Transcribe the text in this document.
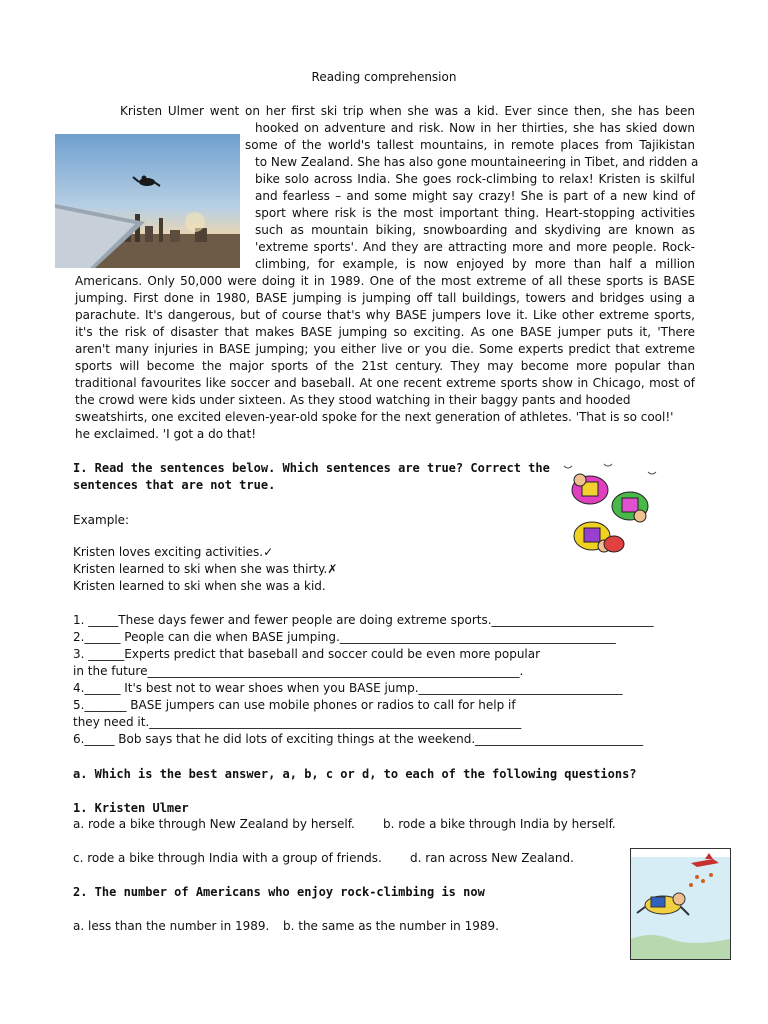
Reading comprehension
Kristen Ulmer went on her first ski trip when she was a kid. Ever since then, she has been
hooked on adventure and risk. Now in her thirties, she has skied down
some of the world's tallest mountains, in remote places from Tajikistan
to New Zealand. She has also gone mountaineering in Tibet, and ridden a
bike solo across India. She goes rock-climbing to relax! Kristen is skilful
and fearless – and some might say crazy! She is part of a new kind of
sport where risk is the most important thing. Heart-stopping activities
such as mountain biking, snowboarding and skydiving are known as
'extreme sports'. And they are attracting more and more people. Rock-
climbing, for example, is now enjoyed by more than half a million
Americans. Only 50,000 were doing it in 1989. One of the most extreme of all these sports is BASE
jumping. First done in 1980, BASE jumping is jumping off tall buildings, towers and bridges using a
parachute. It's dangerous, but of course that's why BASE jumpers love it. Like other extreme sports,
it's the risk of disaster that makes BASE jumping so exciting. As one BASE jumper puts it, 'There
aren't many injuries in BASE jumping; you either live or you die. Some experts predict that extreme
sports will become the major sports of the 21st century. They may become more popular than
traditional favourites like soccer and baseball. At one recent extreme sports show in Chicago, most of
the crowd were kids under sixteen. As they stood watching in their baggy pants and hooded
sweatshirts, one excited eleven-year-old spoke for the next generation of athletes. 'That is so cool!'
he exclaimed. 'I got a do that!
I. Read the sentences below. Which sentences are true? Correct the
sentences that are not true.
Example:
Kristen loves exciting activities.✓
Kristen learned to ski when she was thirty.✗
Kristen learned to ski when she was a kid.
1. _____These days fewer and fewer people are doing extreme sports.___________________________
2.______ People can die when BASE jumping.______________________________________________
3. ______Experts predict that baseball and soccer could be even more popular
in the future______________________________________________________________.
4.______ It's best not to wear shoes when you BASE jump.__________________________________
5._______ BASE jumpers can use mobile phones or radios to call for help if
they need it.______________________________________________________________
6._____ Bob says that he did lots of exciting things at the weekend.____________________________
a. Which is the best answer, a, b, c or d, to each of the following questions?
1. Kristen Ulmer
a. rode a bike through New Zealand by herself. b. rode a bike through India by herself.
c. rode a bike through India with a group of friends. d. ran across New Zealand.
2. The number of Americans who enjoy rock-climbing is now
a. less than the number in 1989. b. the same as the number in 1989.
